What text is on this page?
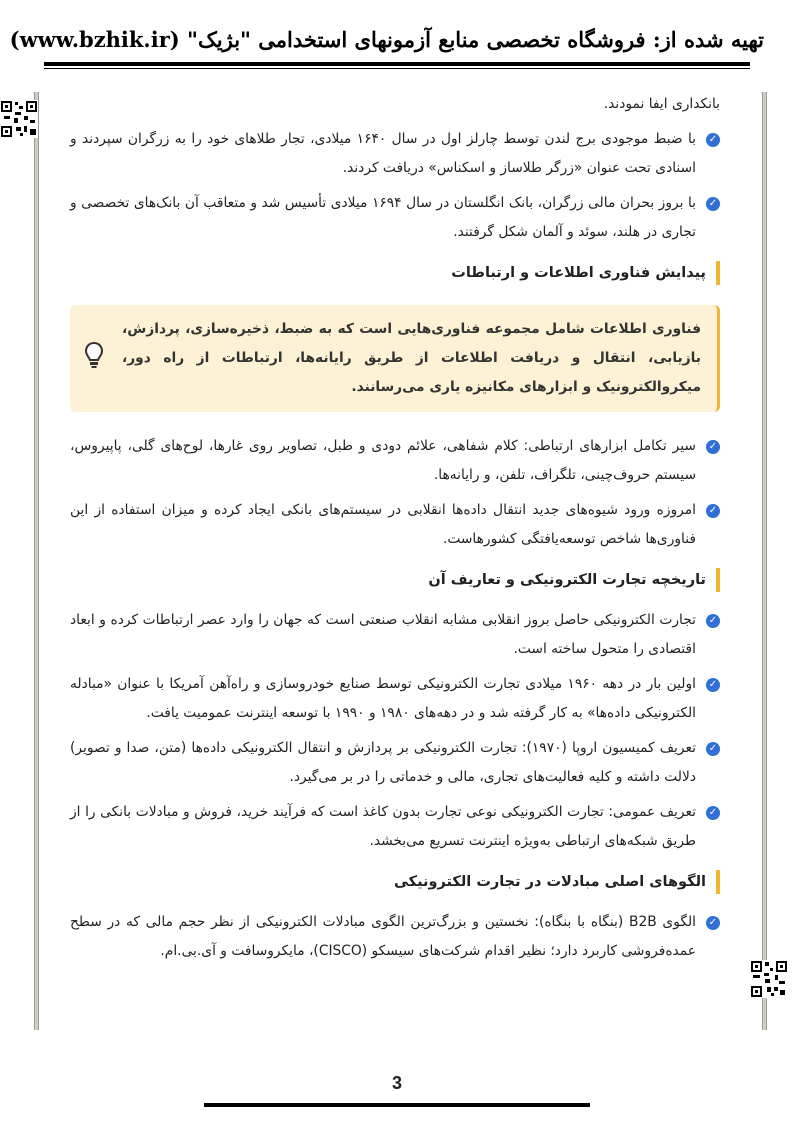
تهیه شده از: فروشگاه تخصصی منابع آزمونهای استخدامی "بژیک" (www.bzhik.ir)

بانکداری ایفا نمودند.

✓
با ضبط موجودی برج لندن توسط چارلز اول در سال ۱۶۴۰ میلادی، تجار طلاهای خود را به زرگران سپردند و اسنادی تحت عنوان «زرگر طلاساز و اسکناس» دریافت کردند.
✓
با بروز بحران مالی زرگران، بانک انگلستان در سال ۱۶۹۴ میلادی تأسیس شد و متعاقب آن بانک‌های تخصصی و تجاری در هلند، سوئد و آلمان شکل گرفتند.
پیدایش فناوری اطلاعات و ارتباطات
فناوری اطلاعات شامل مجموعه فناوری‌هایی است که به ضبط، ذخیره‌سازی، پردازش، بازیابی، انتقال و دریافت اطلاعات از طریق رایانه‌ها، ارتباطات از راه دور، میکروالکترونیک و ابزارهای مکانیزه یاری می‌رسانند.
✓
سیر تکامل ابزارهای ارتباطی: کلام شفاهی، علائم دودی و طبل، تصاویر روی غارها، لوح‌های گلی، پاپیروس، سیستم حروف‌چینی، تلگراف، تلفن، و رایانه‌ها.
✓
امروزه ورود شیوه‌های جدید انتقال داده‌ها انقلابی در سیستم‌های بانکی ایجاد کرده و میزان استفاده از این فناوری‌ها شاخص توسعه‌یافتگی کشورهاست.
تاریخچه تجارت الکترونیکی و تعاریف آن
✓
تجارت الکترونیکی حاصل بروز انقلابی مشابه انقلاب صنعتی است که جهان را وارد عصر ارتباطات کرده و ابعاد اقتصادی را متحول ساخته است.
✓
اولین بار در دهه ۱۹۶۰ میلادی تجارت الکترونیکی توسط صنایع خودروسازی و راه‌آهن آمریکا با عنوان «مبادله الکترونیکی داده‌ها» به کار گرفته شد و در دهه‌های ۱۹۸۰ و ۱۹۹۰ با توسعه اینترنت عمومیت یافت.
✓
تعریف کمیسیون اروپا (۱۹۷۰): تجارت الکترونیکی بر پردازش و انتقال الکترونیکی داده‌ها (متن، صدا و تصویر) دلالت داشته و کلیه فعالیت‌های تجاری، مالی و خدماتی را در بر می‌گیرد.
✓
تعریف عمومی: تجارت الکترونیکی نوعی تجارت بدون کاغذ است که فرآیند خرید، فروش و مبادلات بانکی را از طریق شبکه‌های ارتباطی به‌ویژه اینترنت تسریع می‌بخشد.
الگوهای اصلی مبادلات در تجارت الکترونیکی
✓
الگوی B2B (بنگاه با بنگاه): نخستین و بزرگ‌ترین الگوی مبادلات الکترونیکی از نظر حجم مالی که در سطح عمده‌فروشی کاربرد دارد؛ نظیر اقدام شرکت‌های سیسکو (CISCO)، مایکروسافت و آی.بی.ام.
3
